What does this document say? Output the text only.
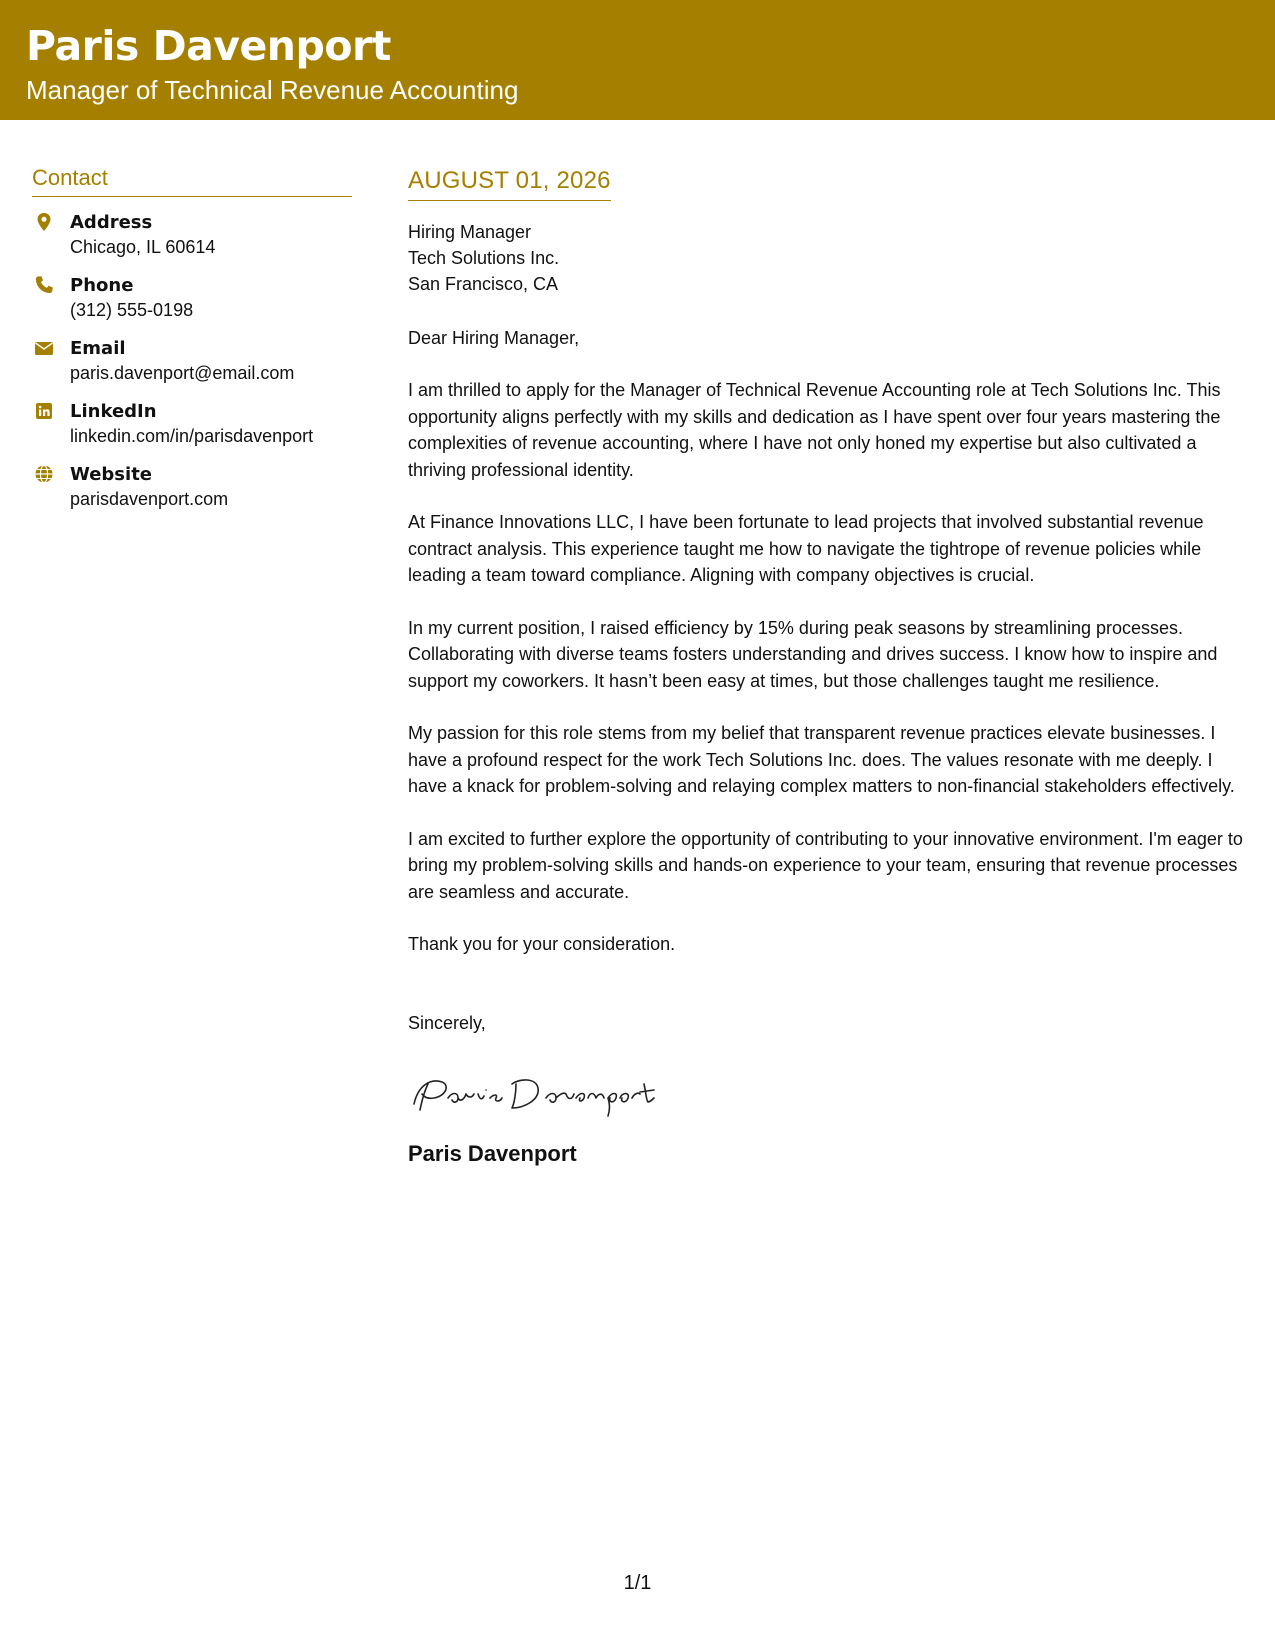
Paris Davenport
Manager of Technical Revenue Accounting
Contact
Address
Chicago, IL 60614
Phone
(312) 555-0198
Email
paris.davenport@email.com
LinkedIn
linkedin.com/in/parisdavenport
Website
parisdavenport.com
AUGUST 01, 2026
Hiring Manager
Tech Solutions Inc.
San Francisco, CA
Dear Hiring Manager,
I am thrilled to apply for the Manager of Technical Revenue Accounting role at Tech Solutions Inc. This opportunity aligns perfectly with my skills and dedication as I have spent over four years mastering the complexities of revenue accounting, where I have not only honed my expertise but also cultivated a thriving professional identity.
At Finance Innovations LLC, I have been fortunate to lead projects that involved substantial revenue contract analysis. This experience taught me how to navigate the tightrope of revenue policies while leading a team toward compliance. Aligning with company objectives is crucial.
In my current position, I raised efficiency by 15% during peak seasons by streamlining processes. Collaborating with diverse teams fosters understanding and drives success. I know how to inspire and support my coworkers. It hasn’t been easy at times, but those challenges taught me resilience.
My passion for this role stems from my belief that transparent revenue practices elevate businesses. I have a profound respect for the work Tech Solutions Inc. does. The values resonate with me deeply. I have a knack for problem-solving and relaying complex matters to non-financial stakeholders effectively.
I am excited to further explore the opportunity of contributing to your innovative environment. I'm eager to bring my problem-solving skills and hands-on experience to your team, ensuring that revenue processes are seamless and accurate.
Thank you for your consideration.
Sincerely,
Paris Davenport
1/1
